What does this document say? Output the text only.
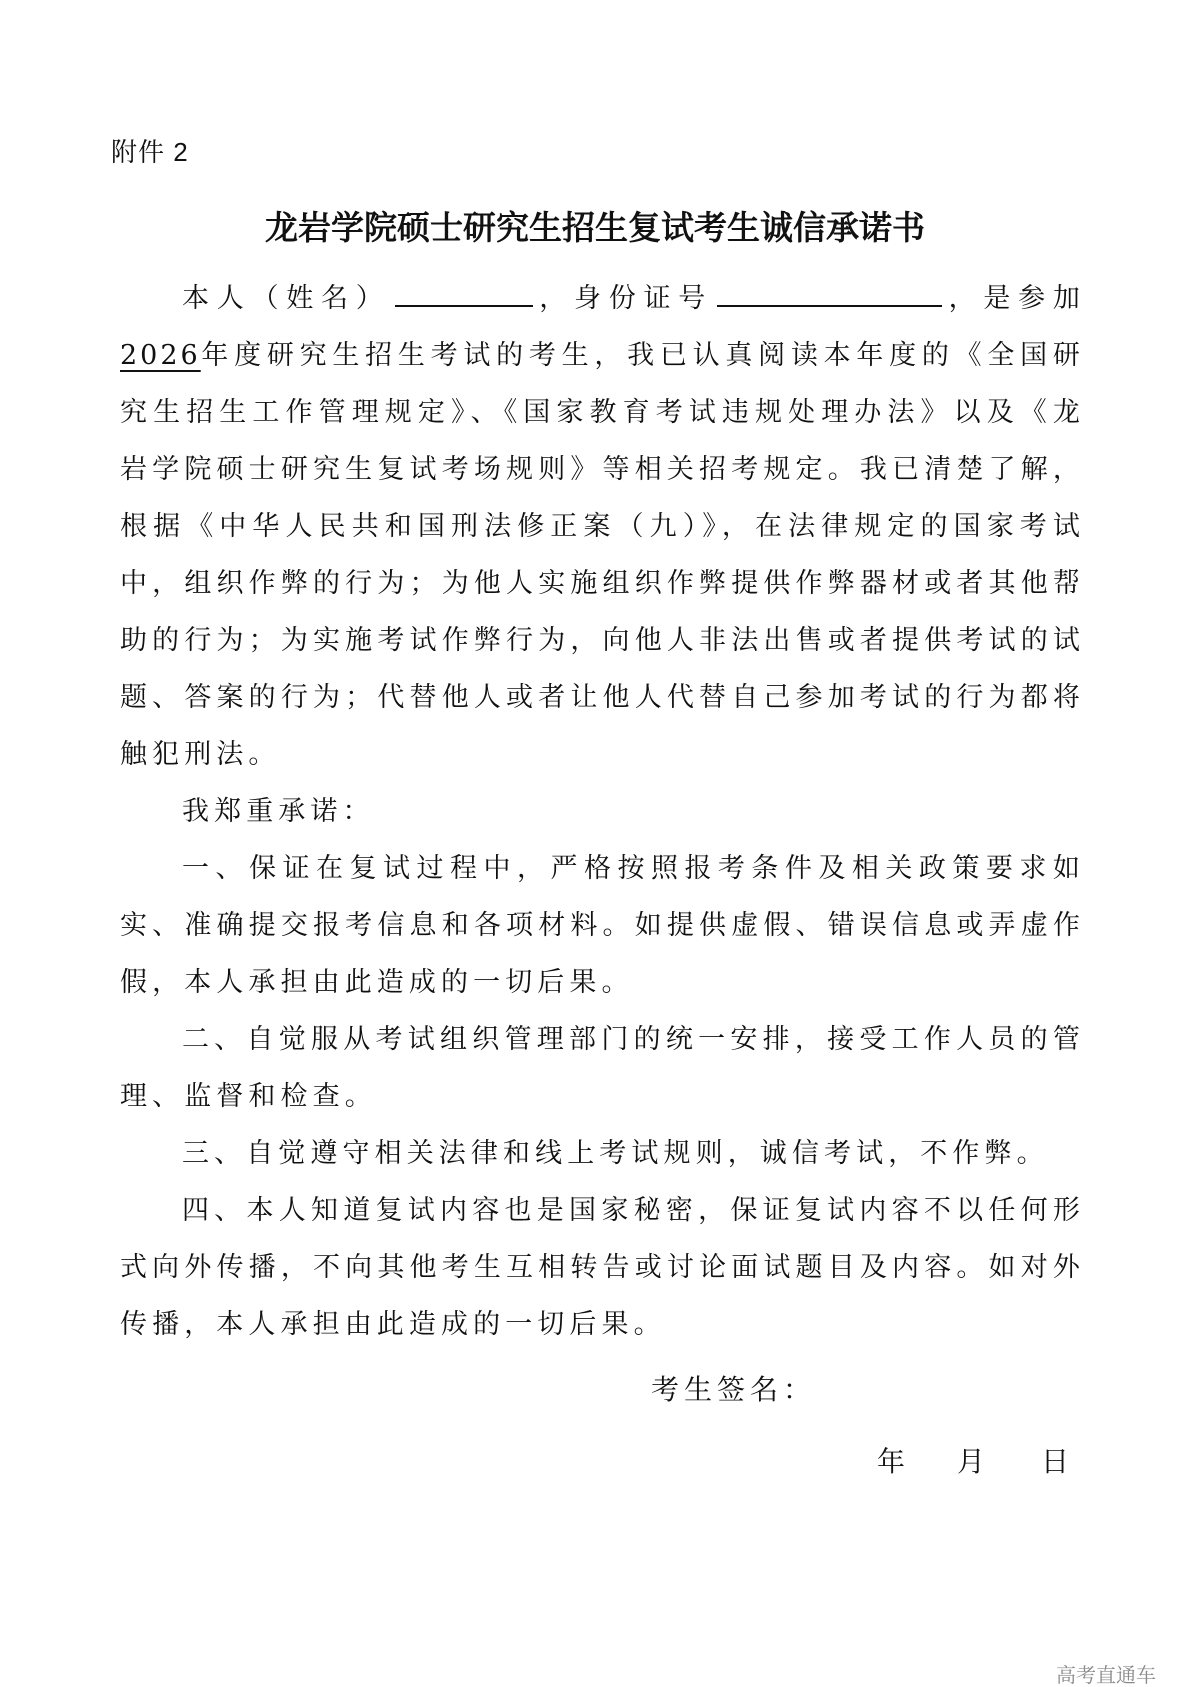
附件 2
龙岩学院硕士研究生招生复试考生诚信承诺书

本人（姓名）	，身份证号	，是参加 2026年度研究生招生考试的考生，我已认真阅读本年度的《全国研究生招生工作管理规定》、《国家教育考试违规处理办法》以及《龙岩学院硕士研究生复试考场规则》等相关招考规定。我已清楚了解，根据《中华人民共和国刑法修正案（九）》，在法律规定的国家考试中，组织作弊的行为；为他人实施组织作弊提供作弊器材或者其他帮助的行为；为实施考试作弊行为，向他人非法出售或者提供考试的试题、答案的行为；代替他人或者让他人代替自己参加考试的行为都将触犯刑法。

我郑重承诺：

一、保证在复试过程中，严格按照报考条件及相关政策要求如实、准确提交报考信息和各项材料。如提供虚假、错误信息或弄虚作假，本人承担由此造成的一切后果。

二、自觉服从考试组织管理部门的统一安排，接受工作人员的管理、监督和检查。

三、自觉遵守相关法律和线上考试规则，诚信考试，不作弊。

四、本人知道复试内容也是国家秘密，保证复试内容不以任何形式向外传播，不向其他考生互相转告或讨论面试题目及内容。如对外传播，本人承担由此造成的一切后果。

考生签名：
年 月 日
高考直通车
